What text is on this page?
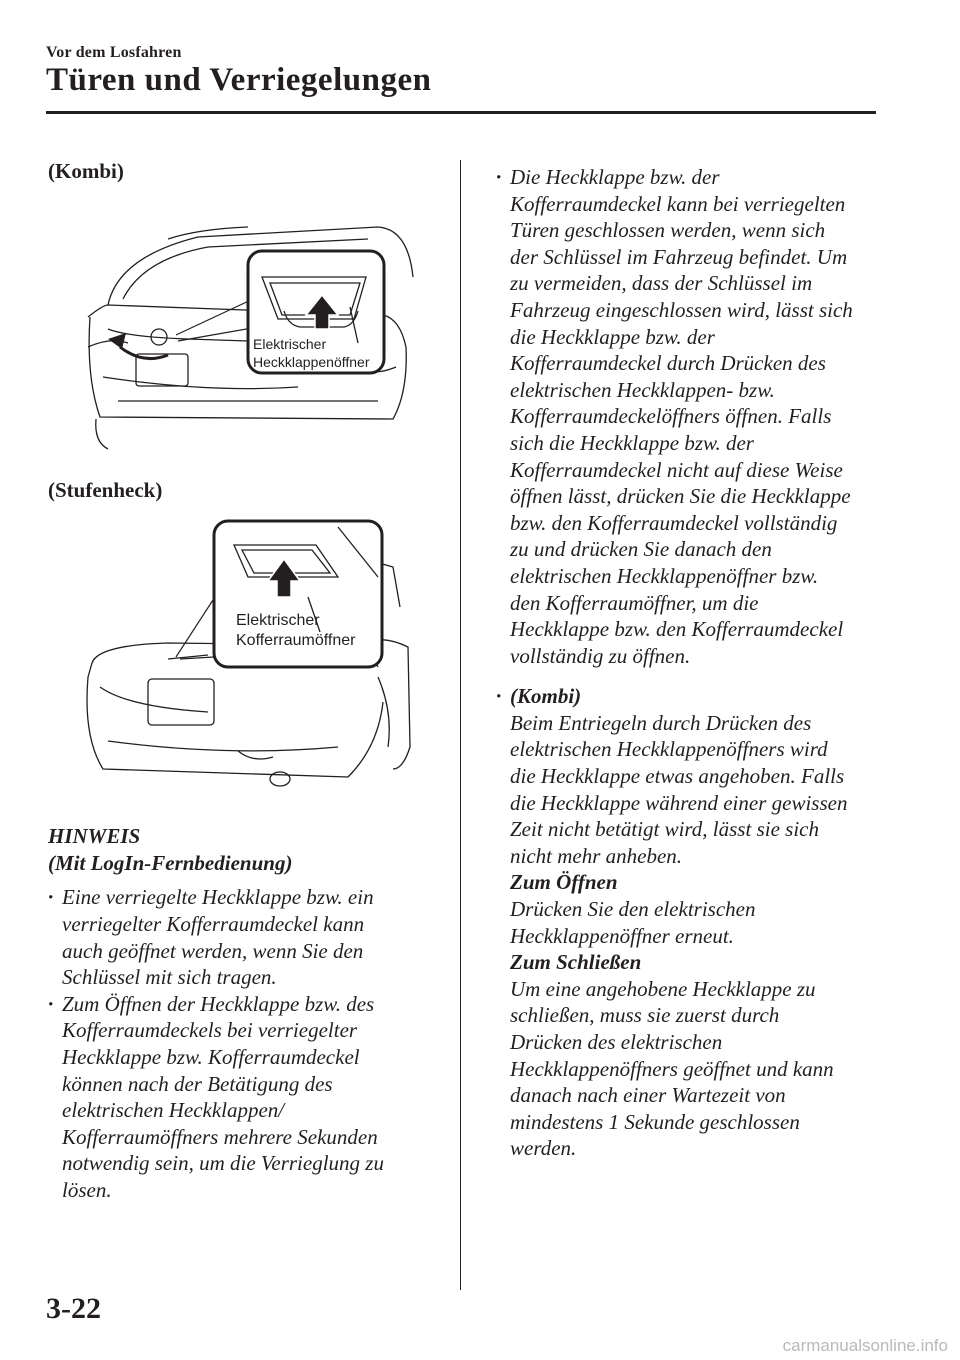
Vor dem Losfahren
Türen und Verriegelungen

(Kombi)

Elektrischer
Heckklappenöffner

(Stufenheck)

Elektrischer
Kofferraumöffner

HINWEIS

(Mit LogIn-Fernbedienung)

· Eine verriegelte Heckklappe bzw. ein
verriegelter Kofferraumdeckel kann
auch geöffnet werden, wenn Sie den
Schlüssel mit sich tragen.
· Zum Öffnen der Heckklappe bzw. des
Kofferraumdeckels bei verriegelter
Heckklappe bzw. Kofferraumdeckel
können nach der Betätigung des
elektrischen Heckklappen/
Kofferraumöffners mehrere Sekunden
notwendig sein, um die Verrieglung zu
lösen.
· Die Heckklappe bzw. der
Kofferraumdeckel kann bei verriegelten
Türen geschlossen werden, wenn sich
der Schlüssel im Fahrzeug befindet. Um
zu vermeiden, dass der Schlüssel im
Fahrzeug eingeschlossen wird, lässt sich
die Heckklappe bzw. der
Kofferraumdeckel durch Drücken des
elektrischen Heckklappen- bzw.
Kofferraumdeckelöffners öffnen. Falls
sich die Heckklappe bzw. der
Kofferraumdeckel nicht auf diese Weise
öffnen lässt, drücken Sie die Heckklappe
bzw. den Kofferraumdeckel vollständig
zu und drücken Sie danach den
elektrischen Heckklappenöffner bzw.
den Kofferraumöffner, um die
Heckklappe bzw. den Kofferraumdeckel
vollständig zu öffnen.
· (Kombi)
Beim Entriegeln durch Drücken des
elektrischen Heckklappenöffners wird
die Heckklappe etwas angehoben. Falls
die Heckklappe während einer gewissen
Zeit nicht betätigt wird, lässt sie sich
nicht mehr anheben.
Zum Öffnen
Drücken Sie den elektrischen
Heckklappenöffner erneut.
Zum Schließen
Um eine angehobene Heckklappe zu
schließen, muss sie zuerst durch
Drücken des elektrischen
Heckklappenöffners geöffnet und kann
danach nach einer Wartezeit von
mindestens 1 Sekunde geschlossen
werden.
3-22
carmanualsonline.info
